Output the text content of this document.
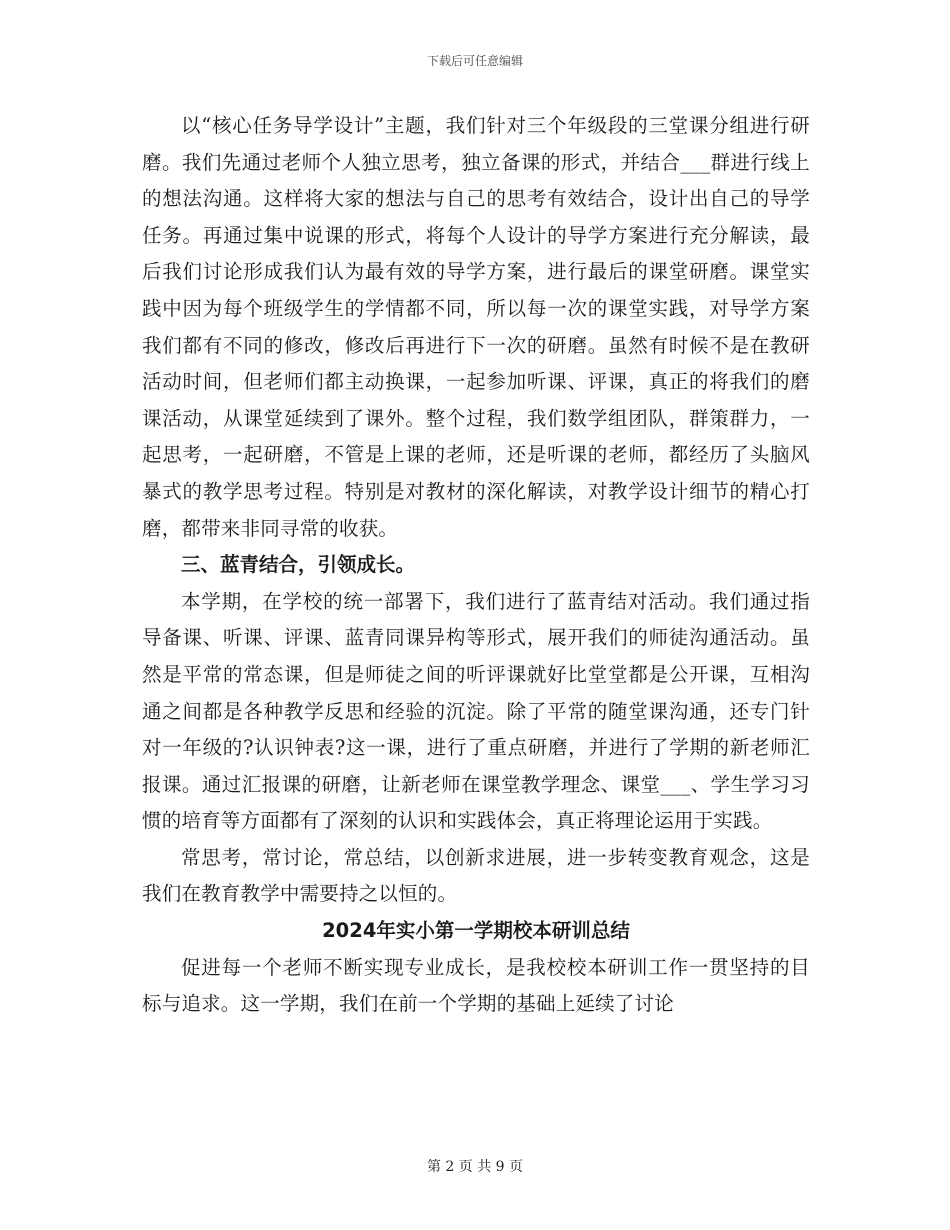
下载后可任意编辑

以“核心任务导学设计”主题，我们针对三个年级段的三堂课分组进行研磨。我们先通过老师个人独立思考，独立备课的形式，并结合___群进行线上的想法沟通。这样将大家的想法与自己的思考有效结合，设计出自己的导学任务。再通过集中说课的形式，将每个人设计的导学方案进行充分解读，最后我们讨论形成我们认为最有效的导学方案，进行最后的课堂研磨。课堂实践中因为每个班级学生的学情都不同，所以每一次的课堂实践，对导学方案我们都有不同的修改，修改后再进行下一次的研磨。虽然有时候不是在教研活动时间，但老师们都主动换课，一起参加听课、评课，真正的将我们的磨课活动，从课堂延续到了课外。整个过程，我们数学组团队，群策群力，一起思考，一起研磨，不管是上课的老师，还是听课的老师，都经历了头脑风暴式的教学思考过程。特别是对教材的深化解读，对教学设计细节的精心打磨，都带来非同寻常的收获。

三、蓝青结合，引领成长。

本学期，在学校的统一部署下，我们进行了蓝青结对活动。我们通过指导备课、听课、评课、蓝青同课异构等形式，展开我们的师徒沟通活动。虽然是平常的常态课，但是师徒之间的听评课就好比堂堂都是公开课，互相沟通之间都是各种教学反思和经验的沉淀。除了平常的随堂课沟通，还专门针对一年级的?认识钟表?这一课，进行了重点研磨，并进行了学期的新老师汇报课。通过汇报课的研磨，让新老师在课堂教学理念、课堂___、学生学习习惯的培育等方面都有了深刻的认识和实践体会，真正将理论运用于实践。

常思考，常讨论，常总结，以创新求进展，进一步转变教育观念，这是我们在教育教学中需要持之以恒的。

2024年实小第一学期校本研训总结

促进每一个老师不断实现专业成长，是我校校本研训工作一贯坚持的目标与追求。这一学期，我们在前一个学期的基础上延续了讨论

第 2 页 共 9 页
